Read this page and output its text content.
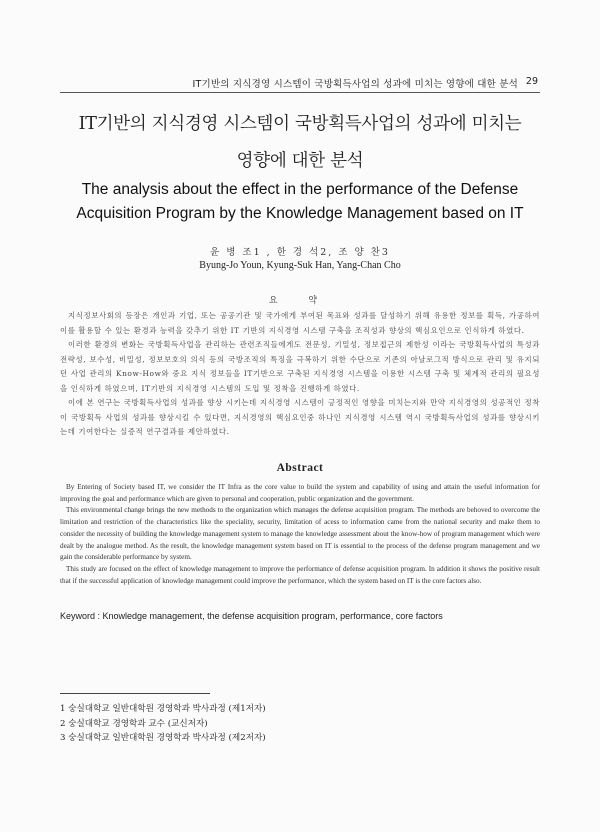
IT기반의 지식경영 시스템이 국방획득사업의 성과에 미치는 영향에 대한 분석 29
IT기반의 지식경영 시스템이 국방획득사업의 성과에 미치는
영향에 대한 분석
The analysis about the effect in the performance of the Defense
Acquisition Program by the Knowledge Management based on IT
윤 병 조1 , 한 경 석2, 조 양 찬3
Byung-Jo Youn, Kyung-Suk Han, Yang-Chan Cho
요 약

지식정보사회의 등장은 개인과 기업, 또는 공공기관 및 국가에게 부여된 목표와 성과를 달성하기 위해 유용한 정보를 획득, 가공하여 이를 활용할 수 있는 환경과 능력을 갖추기 위한 IT 기반의 지식경영 시스템 구축을 조직성과 향상의 핵심요인으로 인식하게 하였다.

이러한 환경의 변화는 국방획득사업을 관리하는 관련조직들에게도 전문성, 기밀성, 정보접근의 제한성 이라는 국방획득사업의 특성과 전략성, 보수성, 비밀성, 정보보호의 의식 등의 국방조직의 특징을 극복하기 위한 수단으로 기존의 아날로그적 방식으로 관리 및 유지되던 사업 관리의 Know-How와 중요 지식 정보들을 IT기반으로 구축된 지식경영 시스템을 이용한 시스템 구축 및 체계적 관리의 필요성을 인식하게 하였으며, IT기반의 지식경영 시스템의 도입 및 정착을 진행하게 하였다.

이에 본 연구는 국방획득사업의 성과를 향상 시키는데 지식경영 시스템이 긍정적인 영향을 미치는지와 만약 지식경영의 성공적인 정착이 국방획득 사업의 성과를 향상시킬 수 있다면, 지식경영의 핵심요인중 하나인 지식경영 시스템 역시 국방획득사업의 성과를 향상시키는데 기여한다는 실증적 연구결과를 제안하였다.

Abstract

By Entering of Society based IT, we consider the IT Infra as the core value to build the system and capability of using and attain the useful information for improving the goal and performance which are given to personal and cooperation, public organization and the government.

This environmental change brings the new methods to the organization which manages the defense acquisition program. The methods are behoved to overcome the limitation and restriction of the characteristics like the speciality, security, limitation of acess to information came from the national security and make them to consider the necessity of building the knowledge management system to manage the knowledge assessment about the know-how of program management which were dealt by the analogue method. As the result, the knowledge management system based on IT is essential to the process of the defense program management and we gain the considerable performance by system.

This study are focused on the effect of knowledge management to improve the performance of defense acquisition program. In addition it shows the positive result that if the successful application of knowledge management could improve the performance, which the system based on IT is the core factors also.

Keyword : Knowledge management, the defense acquisition program, performance, core factors
1 숭실대학교 일반대학원 경영학과 박사과정 (제1저자)
2 숭실대학교 경영학과 교수 (교신저자)
3 숭실대학교 일반대학원 경영학과 박사과정 (제2저자)
